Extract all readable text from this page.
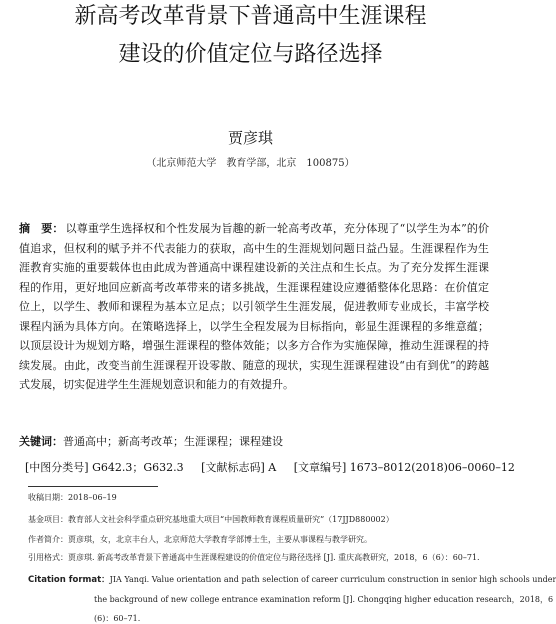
新高考改革背景下普通高中生涯课程
建设的价值定位与路径选择
贾彦琪
（北京师范大学　教育学部，北京　100875）
摘　要： 以尊重学生选择权和个性发展为旨趣的新一轮高考改革，充分体现了“以学生为本”的价值追求，但权利的赋予并不代表能力的获取，高中生的生涯规划问题日益凸显。生涯课程作为生涯教育实施的重要载体也由此成为普通高中课程建设新的关注点和生长点。为了充分发挥生涯课程的作用，更好地回应新高考改革带来的诸多挑战，生涯课程建设应遵循整体化思路：在价值定位上，以学生、教师和课程为基本立足点；以引领学生生涯发展，促进教师专业成长，丰富学校课程内涵为具体方向。在策略选择上，以学生全程发展为目标指向，彰显生涯课程的多维意蕴；以顶层设计为规划方略，增强生涯课程的整体效能；以多方合作为实施保障，推动生涯课程的持续发展。由此，改变当前生涯课程开设零散、随意的现状，实现生涯课程建设“由有到优”的跨越式发展，切实促进学生生涯规划意识和能力的有效提升。
关键词：普通高中；新高考改革；生涯课程；课程建设
[中图分类号] G642.3；G632.3 [文献标志码] A [文章编号] 1673–8012(2018)06–0060–12
收稿日期：2018–06–19
基金项目：教育部人文社会科学重点研究基地重大项目“中国教师教育课程质量研究”（17JJD880002）
作者简介：贾彦琪，女，北京丰台人，北京师范大学教育学部博士生，主要从事课程与教学研究。
引用格式：贾彦琪. 新高考改革背景下普通高中生涯课程建设的价值定位与路径选择 [J]. 重庆高教研究，2018，6（6）：60–71.
Citation format：JIA Yanqi. Value orientation and path selection of career curriculum construction in senior high schools under
the background of new college entrance examination reform [J]. Chongqing higher education research，2018，6
(6)：60–71.
